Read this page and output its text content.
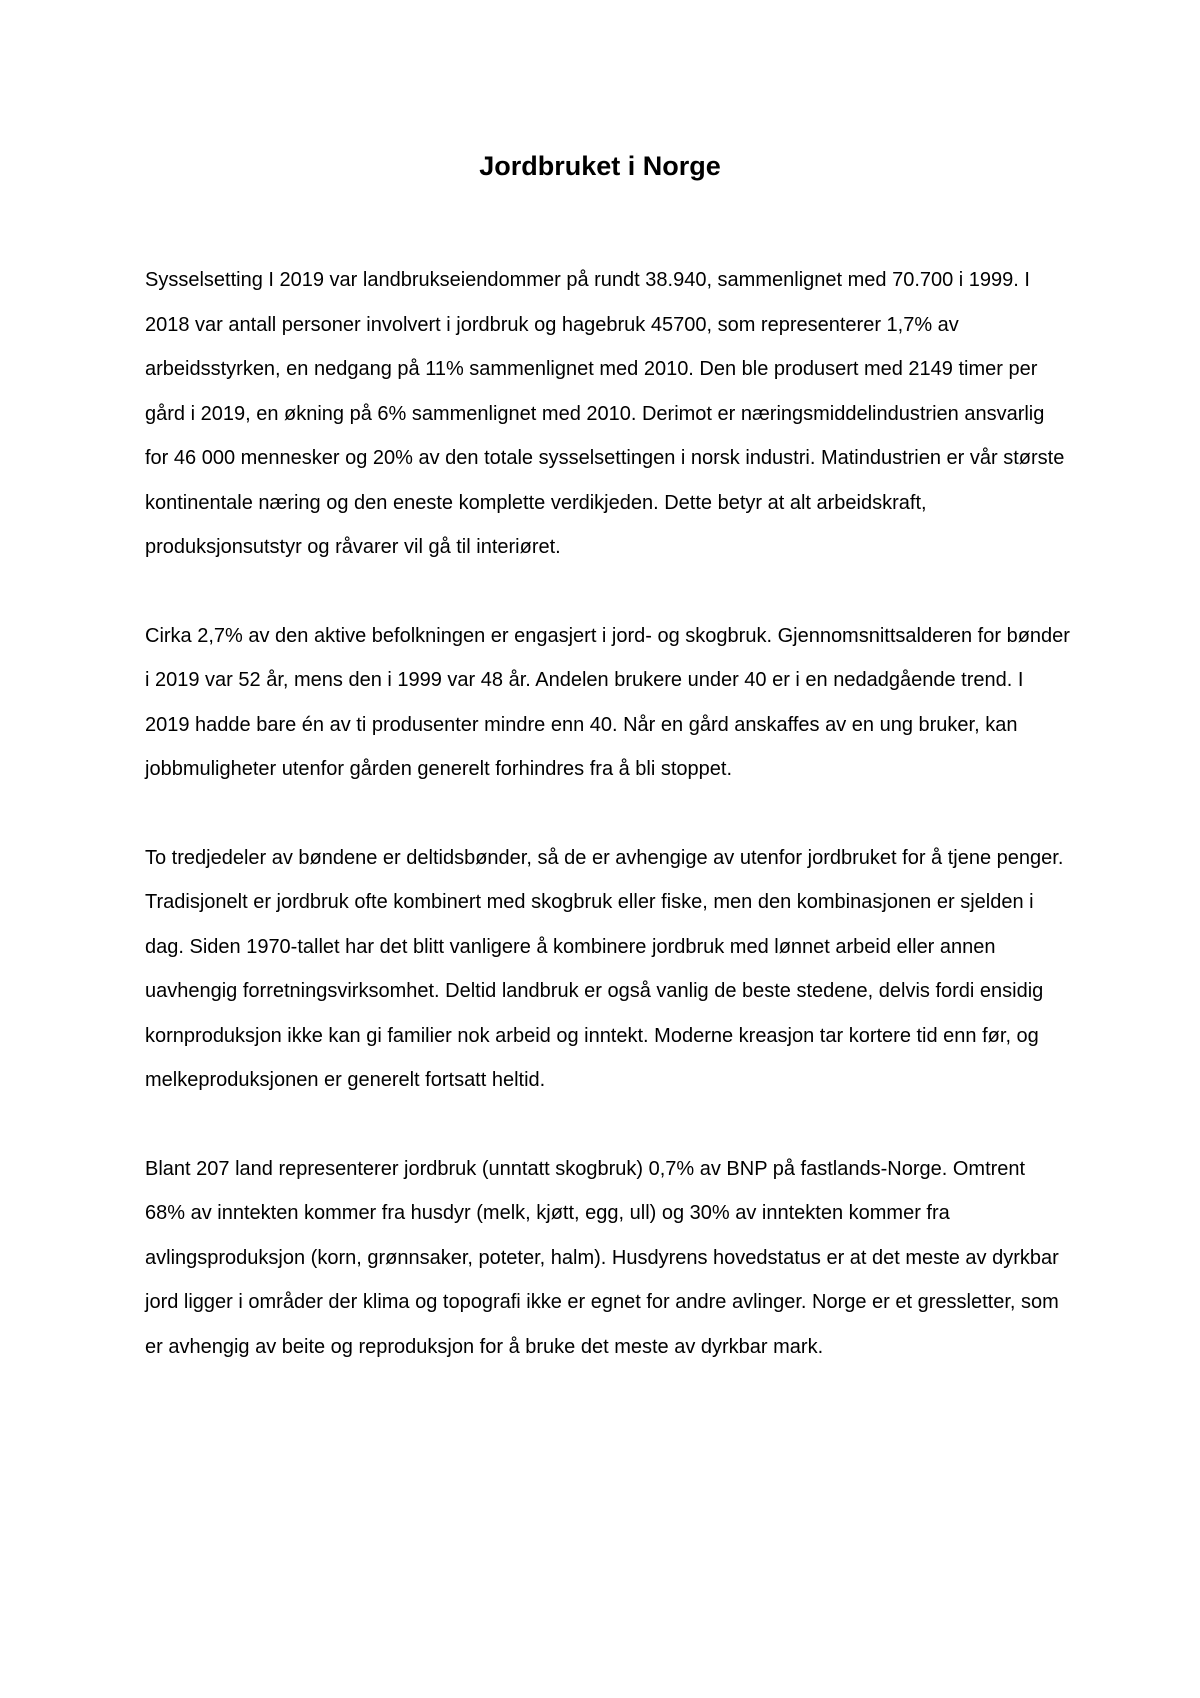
Jordbruket i Norge

Sysselsetting I 2019 var landbrukseiendommer på rundt 38.940, sammenlignet med 70.700 i 1999. I 2018 var antall personer involvert i jordbruk og hagebruk 45700, som representerer 1,7% av arbeidsstyrken, en nedgang på 11% sammenlignet med 2010. Den ble produsert med 2149 timer per gård i 2019, en økning på 6% sammenlignet med 2010. Derimot er næringsmiddelindustrien ansvarlig for 46 000 mennesker og 20% av den totale sysselsettingen i norsk industri. Matindustrien er vår største kontinentale næring og den eneste komplette verdikjeden. Dette betyr at alt arbeidskraft, produksjonsutstyr og råvarer vil gå til interiøret.

Cirka 2,7% av den aktive befolkningen er engasjert i jord- og skogbruk. Gjennomsnittsalderen for bønder i 2019 var 52 år, mens den i 1999 var 48 år. Andelen brukere under 40 er i en nedadgående trend. I 2019 hadde bare én av ti produsenter mindre enn 40. Når en gård anskaffes av en ung bruker, kan jobbmuligheter utenfor gården generelt forhindres fra å bli stoppet.

To tredjedeler av bøndene er deltidsbønder, så de er avhengige av utenfor jordbruket for å tjene penger. Tradisjonelt er jordbruk ofte kombinert med skogbruk eller fiske, men den kombinasjonen er sjelden i dag. Siden 1970-tallet har det blitt vanligere å kombinere jordbruk med lønnet arbeid eller annen uavhengig forretningsvirksomhet. Deltid landbruk er også vanlig de beste stedene, delvis fordi ensidig kornproduksjon ikke kan gi familier nok arbeid og inntekt. Moderne kreasjon tar kortere tid enn før, og melkeproduksjonen er generelt fortsatt heltid.

Blant 207 land representerer jordbruk (unntatt skogbruk) 0,7% av BNP på fastlands-Norge. Omtrent 68% av inntekten kommer fra husdyr (melk, kjøtt, egg, ull) og 30% av inntekten kommer fra avlingsproduksjon (korn, grønnsaker, poteter, halm). Husdyrens hovedstatus er at det meste av dyrkbar jord ligger i områder der klima og topografi ikke er egnet for andre avlinger. Norge er et gressletter, som er avhengig av beite og reproduksjon for å bruke det meste av dyrkbar mark.
